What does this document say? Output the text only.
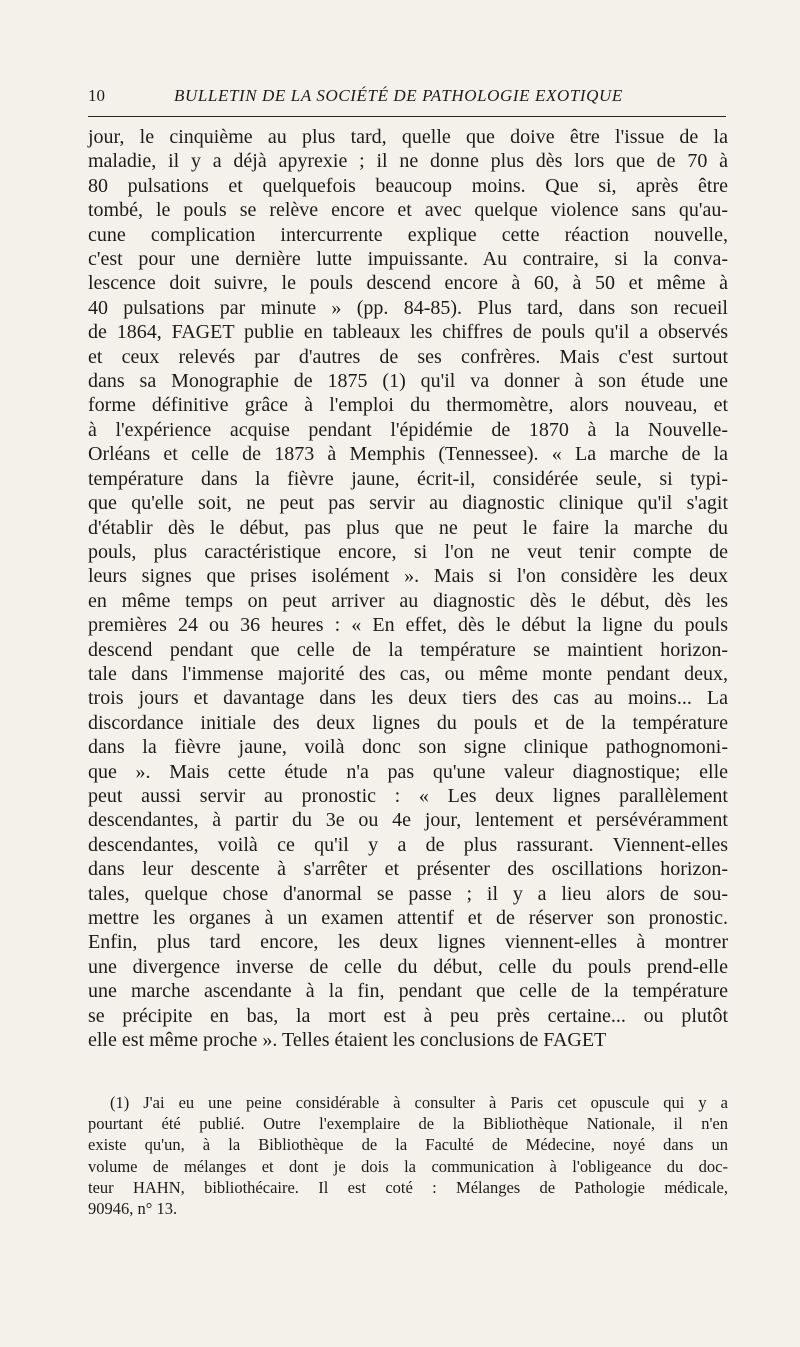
10	BULLETIN DE LA SOCIÉTÉ DE PATHOLOGIE EXOTIQUE
jour, le cinquième au plus tard, quelle que doive être l'issue de la
maladie, il y a déjà apyrexie ; il ne donne plus dès lors que de 70 à
80 pulsations et quelquefois beaucoup moins. Que si, après être
tombé, le pouls se relève encore et avec quelque violence sans qu'au-
cune complication intercurrente explique cette réaction nouvelle,
c'est pour une dernière lutte impuissante. Au contraire, si la conva-
lescence doit suivre, le pouls descend encore à 60, à 50 et même à
40 pulsations par minute » (pp. 84-85). Plus tard, dans son recueil
de 1864, FAGET publie en tableaux les chiffres de pouls qu'il a observés
et ceux relevés par d'autres de ses confrères. Mais c'est surtout
dans sa Monographie de 1875 (1) qu'il va donner à son étude une
forme définitive grâce à l'emploi du thermomètre, alors nouveau, et
à l'expérience acquise pendant l'épidémie de 1870 à la Nouvelle-
Orléans et celle de 1873 à Memphis (Tennessee). « La marche de la
température dans la fièvre jaune, écrit-il, considérée seule, si typi-
que qu'elle soit, ne peut pas servir au diagnostic clinique qu'il s'agit
d'établir dès le début, pas plus que ne peut le faire la marche du
pouls, plus caractéristique encore, si l'on ne veut tenir compte de
leurs signes que prises isolément ». Mais si l'on considère les deux
en même temps on peut arriver au diagnostic dès le début, dès les
premières 24 ou 36 heures : « En effet, dès le début la ligne du pouls
descend pendant que celle de la température se maintient horizon-
tale dans l'immense majorité des cas, ou même monte pendant deux,
trois jours et davantage dans les deux tiers des cas au moins... La
discordance initiale des deux lignes du pouls et de la température
dans la fièvre jaune, voilà donc son signe clinique pathognomoni-
que ». Mais cette étude n'a pas qu'une valeur diagnostique; elle
peut aussi servir au pronostic : « Les deux lignes parallèlement
descendantes, à partir du 3e ou 4e jour, lentement et persévéramment
descendantes, voilà ce qu'il y a de plus rassurant. Viennent-elles
dans leur descente à s'arrêter et présenter des oscillations horizon-
tales, quelque chose d'anormal se passe ; il y a lieu alors de sou-
mettre les organes à un examen attentif et de réserver son pronostic.
Enfin, plus tard encore, les deux lignes viennent-elles à montrer
une divergence inverse de celle du début, celle du pouls prend-elle
une marche ascendante à la fin, pendant que celle de la température
se précipite en bas, la mort est à peu près certaine... ou plutôt
elle est même proche ». Telles étaient les conclusions de FAGET
(1) J'ai eu une peine considérable à consulter à Paris cet opuscule qui y a
pourtant été publié. Outre l'exemplaire de la Bibliothèque Nationale, il n'en
existe qu'un, à la Bibliothèque de la Faculté de Médecine, noyé dans un
volume de mélanges et dont je dois la communication à l'obligeance du doc-
teur HAHN, bibliothécaire. Il est coté : Mélanges de Pathologie médicale,
90946, n° 13.
